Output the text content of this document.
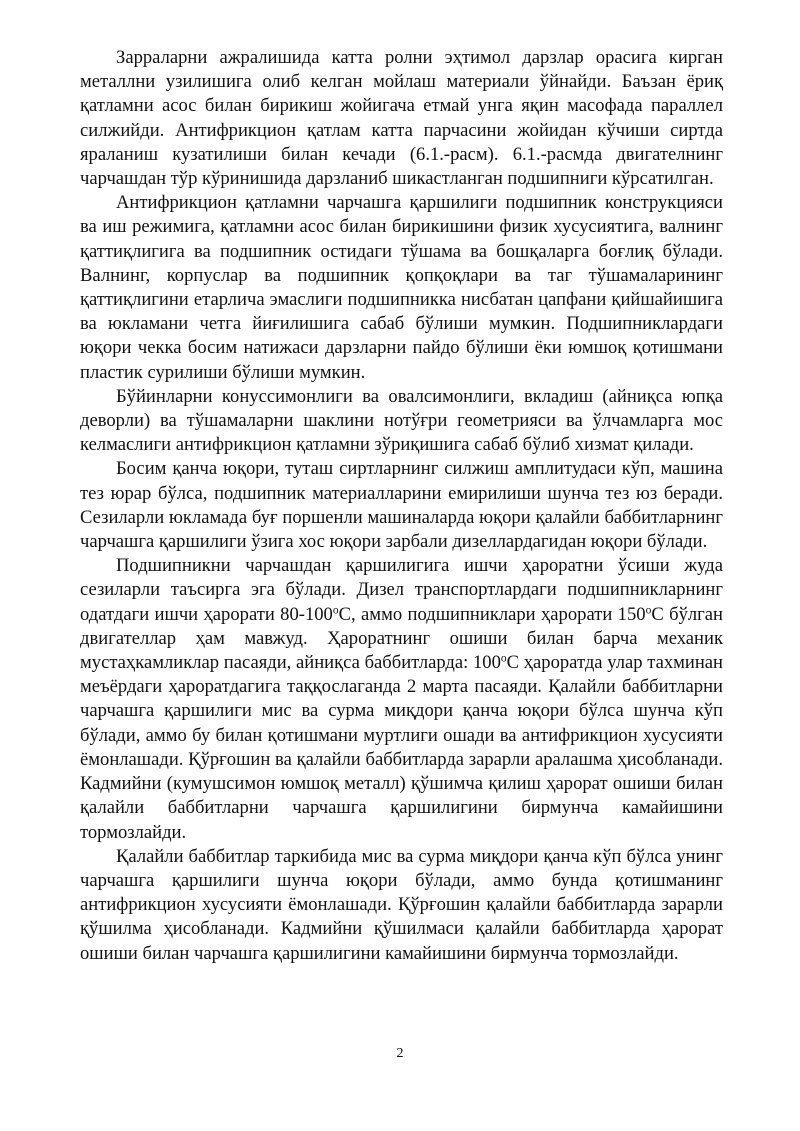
Зарраларни ажралишида катта ролни эҳтимол дарзлар орасига кирган металлни узилишига олиб келган мойлаш материали ўйнайди. Баъзан ёриқ қатламни асос билан бирикиш жойигача етмай унга яқин масофада параллел силжийди. Антифрикцион қатлам катта парчасини жойидан кўчиши сиртда яраланиш кузатилиши билан кечади (6.1.-расм). 6.1.-расмда двигателнинг чарчашдан тўр кўринишида дарзланиб шикастланган подшипниги кўрсатилган.

Антифрикцион қатламни чарчашга қаршилиги подшипник конструкцияси ва иш режимига, қатламни асос билан бирикишини физик хусусиятига, валнинг қаттиқлигига ва подшипник остидаги тўшама ва бошқаларга боғлиқ бўлади. Валнинг, корпуслар ва подшипник қопқоқлари ва таг тўшамаларининг қаттиқлигини етарлича эмаслиги подшипникка нисбатан цапфани қийшайишига ва юкламани четга йиғилишига сабаб бўлиши мумкин. Подшипниклардаги юқори чекка босим натижаси дарзларни пайдо бўлиши ёки юмшоқ қотишмани пластик сурилиши бўлиши мумкин.

Бўйинларни конуссимонлиги ва овалсимонлиги, вкладиш (айниқса юпқа деворли) ва тўшамаларни шаклини нотўғри геометрияси ва ўлчамларга мос келмаслиги антифрикцион қатламни зўриқишига сабаб бўлиб хизмат қилади.

Босим қанча юқори, туташ сиртларнинг силжиш амплитудаси кўп, машина тез юрар бўлса, подшипник материалларини емирилиши шунча тез юз беради. Сезиларли юкламада буғ поршенли машиналарда юқори қалайли баббитларнинг чарчашга қаршилиги ўзига хос юқори зарбали дизеллардагидан юқори бўлади.

Подшипникни чарчашдан қаршилигига ишчи ҳароратни ўсиши жуда сезиларли таъсирга эга бўлади. Дизел транспортлардаги подшипникларнинг одатдаги ишчи ҳарорати 80-100$^o$С, аммо подшипниклари ҳарорати 150$^o$С бўлган двигателлар ҳам мавжуд. Ҳароратнинг ошиши билан барча механик мустаҳкамликлар пасаяди, айниқса баббитларда: 100$^o$С ҳароратда улар тахминан меъёрдаги ҳароратдагига таққослаганда 2 марта пасаяди. Қалайли баббитларни чарчашга қаршилиги мис ва сурма миқдори қанча юқори бўлса шунча кўп бўлади, аммо бу билан қотишмани муртлиги ошади ва антифрикцион хусусияти ёмонлашади. Қўрғошин ва қалайли баббитларда зарарли аралашма ҳисобланади. Кадмийни (кумушсимон юмшоқ металл) қўшимча қилиш ҳарорат ошиши билан қалайли баббитларни чарчашга қаршилигини бирмунча камайишини тормозлайди.

Қалайли баббитлар таркибида мис ва сурма миқдори қанча кўп бўлса унинг чарчашга қаршилиги шунча юқори бўлади, аммо бунда қотишманинг антифрикцион хусусияти ёмонлашади. Қўрғошин қалайли баббитларда зарарли қўшилма ҳисобланади. Кадмийни қўшилмаси қалайли баббитларда ҳарорат ошиши билан чарчашга қаршилигини камайишини бирмунча тормозлайди.

2
